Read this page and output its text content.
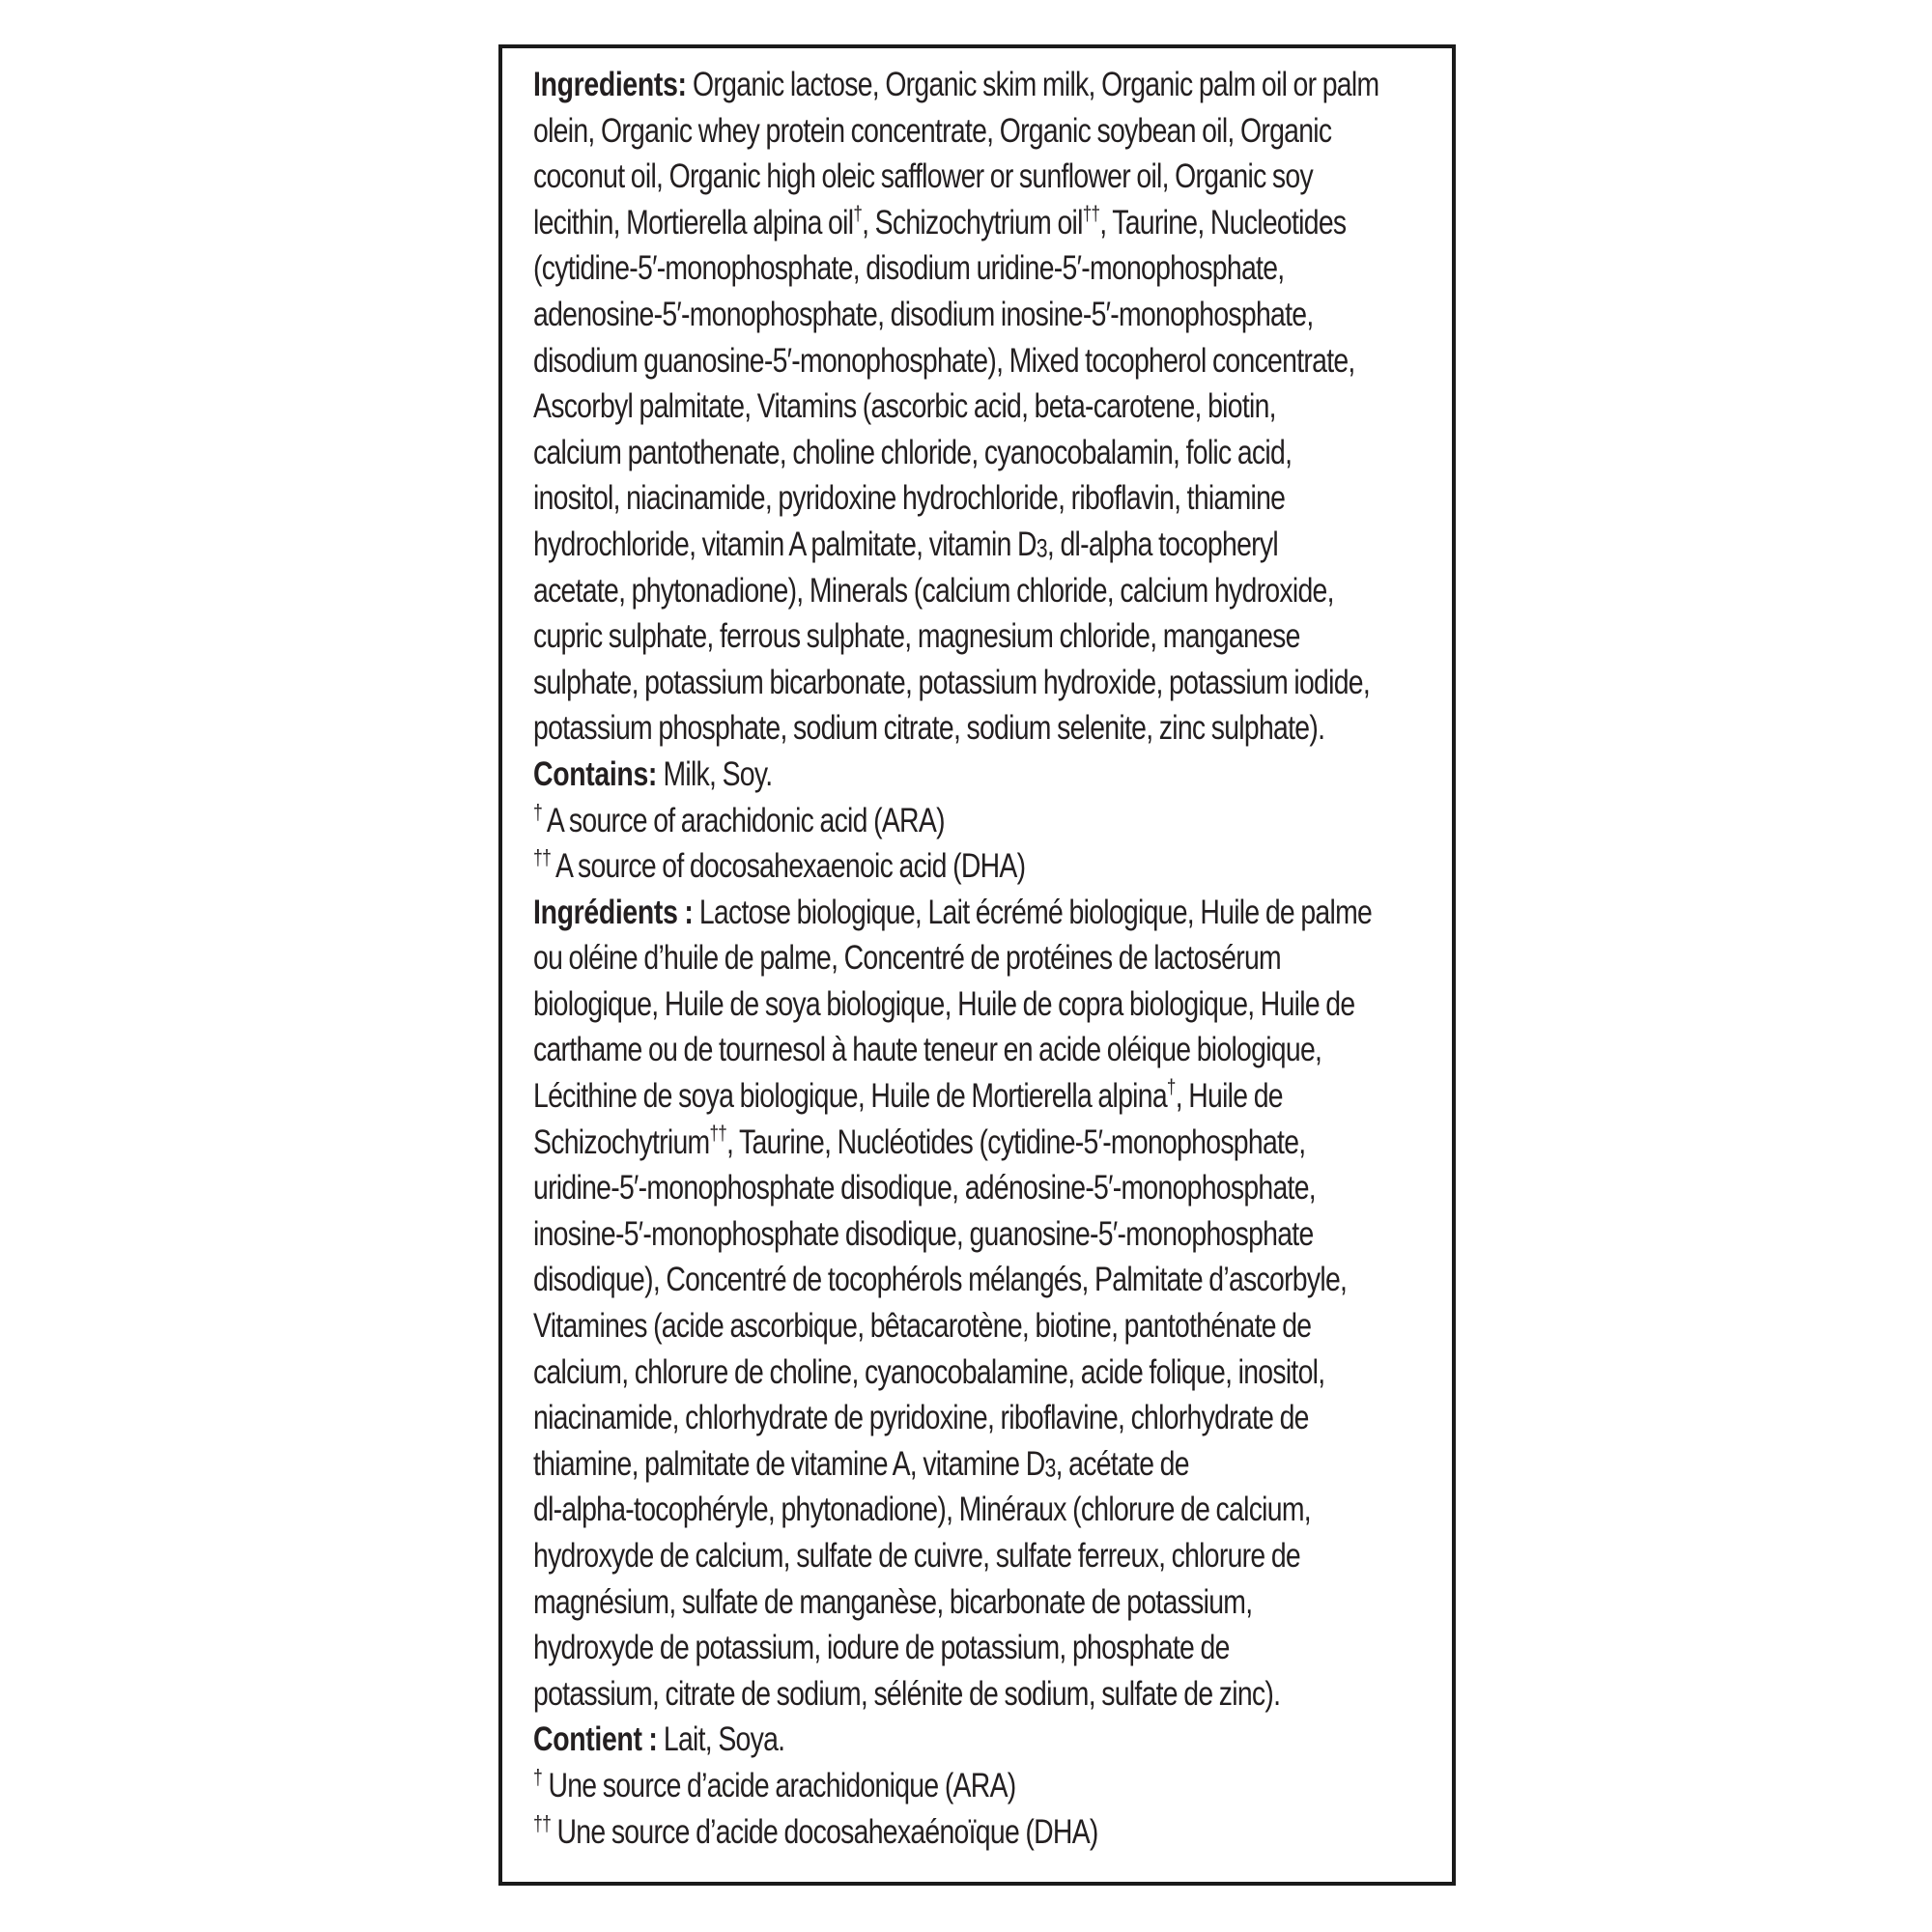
Ingredients: Organic lactose, Organic skim milk, Organic palm oil or palm
olein, Organic whey protein concentrate, Organic soybean oil, Organic
coconut oil, Organic high oleic safflower or sunflower oil, Organic soy
lecithin, Mortierella alpina oil†, Schizochytrium oil††, Taurine, Nucleotides
(cytidine-5′-monophosphate, disodium uridine-5′-monophosphate,
adenosine-5′-monophosphate, disodium inosine-5′-monophosphate,
disodium guanosine-5′-monophosphate), Mixed tocopherol concentrate,
Ascorbyl palmitate, Vitamins (ascorbic acid, beta-carotene, biotin,
calcium pantothenate, choline chloride, cyanocobalamin, folic acid,
inositol, niacinamide, pyridoxine hydrochloride, riboflavin, thiamine
hydrochloride, vitamin A palmitate, vitamin $D_3$, dl-alpha tocopheryl
acetate, phytonadione), Minerals (calcium chloride, calcium hydroxide,
cupric sulphate, ferrous sulphate, magnesium chloride, manganese
sulphate, potassium bicarbonate, potassium hydroxide, potassium iodide,
potassium phosphate, sodium citrate, sodium selenite, zinc sulphate).
Contains: Milk, Soy.
† A source of arachidonic acid (ARA)
†† A source of docosahexaenoic acid (DHA)
Ingrédients : Lactose biologique, Lait écrémé biologique, Huile de palme
ou oléine d’huile de palme, Concentré de protéines de lactosérum
biologique, Huile de soya biologique, Huile de copra biologique, Huile de
carthame ou de tournesol à haute teneur en acide oléique biologique,
Lécithine de soya biologique, Huile de Mortierella alpina†, Huile de
Schizochytrium††, Taurine, Nucléotides (cytidine-5′-monophosphate,
uridine-5′-monophosphate disodique, adénosine-5′-monophosphate,
inosine-5′-monophosphate disodique, guanosine-5′-monophosphate
disodique), Concentré de tocophérols mélangés, Palmitate d’ascorbyle,
Vitamines (acide ascorbique, bêtacarotène, biotine, pantothénate de
calcium, chlorure de choline, cyanocobalamine, acide folique, inositol,
niacinamide, chlorhydrate de pyridoxine, riboflavine, chlorhydrate de
thiamine, palmitate de vitamine A, vitamine $D_3$, acétate de
dl-alpha-tocophéryle, phytonadione), Minéraux (chlorure de calcium,
hydroxyde de calcium, sulfate de cuivre, sulfate ferreux, chlorure de
magnésium, sulfate de manganèse, bicarbonate de potassium,
hydroxyde de potassium, iodure de potassium, phosphate de
potassium, citrate de sodium, sélénite de sodium, sulfate de zinc).
Contient : Lait, Soya.
† Une source d’acide arachidonique (ARA)
†† Une source d’acide docosahexaénoïque (DHA)
